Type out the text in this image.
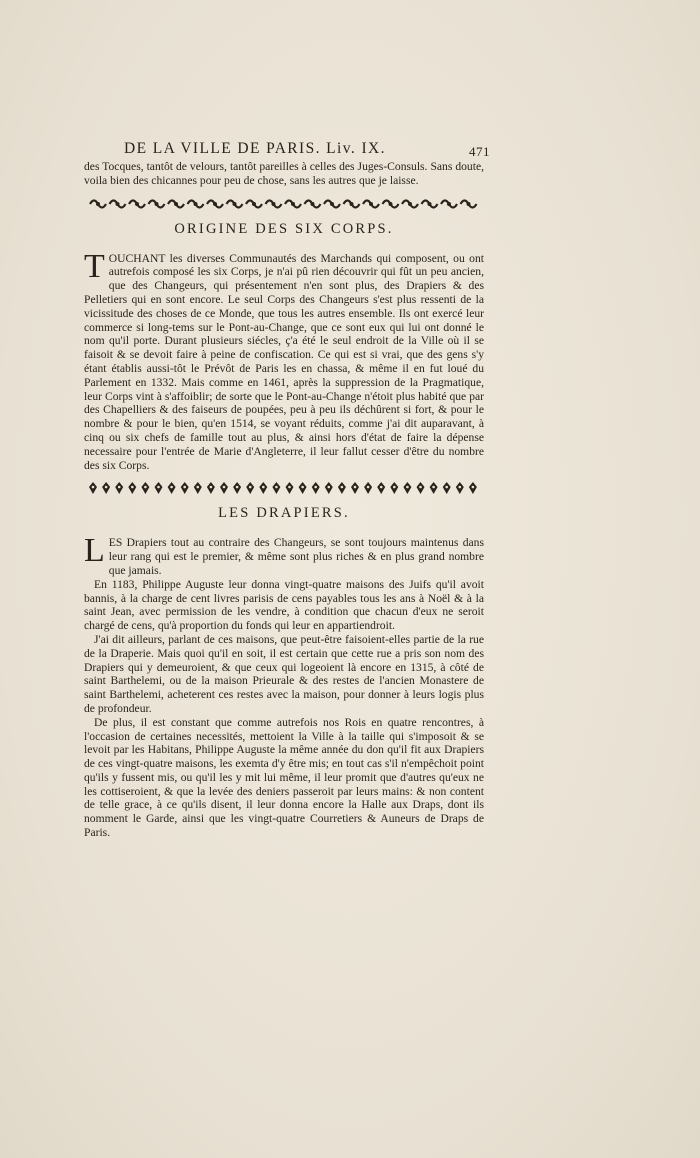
DE LA VILLE DE PARIS. Liv. IX.	471

des Tocques, tantôt de velours, tantôt pareilles à celles des Juges-Consuls. Sans doute, voila bien des chicannes pour peu de chose, sans les autres que je laisse.

ORIGINE DES SIX CORPS.
T OUCHANT les diverses Communautés des Marchands qui composent, ou ont autrefois composé les six Corps, je n'ai pû rien découvrir qui fût un peu ancien, que des Changeurs, qui présentement n'en sont plus, des Drapiers & des Pelletiers qui en sont encore. Le seul Corps des Changeurs s'est plus ressenti de la vicissitude des choses de ce Monde, que tous les autres ensemble. Ils ont exercé leur commerce si long-tems sur le Pont-au-Change, que ce sont eux qui lui ont donné le nom qu'il porte. Durant plusieurs siécles, ç'a été le seul endroit de la Ville où il se faisoit & se devoit faire à peine de confiscation. Ce qui est si vrai, que des gens s'y étant établis aussi-tôt le Prévôt de Paris les en chassa, & même il en fut loué du Parlement en 1332. Mais comme en 1461, après la suppression de la Pragmatique, leur Corps vint à s'affoiblir; de sorte que le Pont-au-Change n'étoit plus habité que par des Chapelliers & des faiseurs de poupées, peu à peu ils déchûrent si fort, & pour le nombre & pour le bien, qu'en 1514, se voyant réduits, comme j'ai dit auparavant, à cinq ou six chefs de famille tout au plus, & ainsi hors d'état de faire la dépense necessaire pour l'entrée de Marie d'Angleterre, il leur fallut cesser d'être du nombre des six Corps.

LES DRAPIERS.
L ES Drapiers tout au contraire des Changeurs, se sont toujours maintenus dans leur rang qui est le premier, & même sont plus riches & en plus grand nombre que jamais.

En 1183, Philippe Auguste leur donna vingt-quatre maisons des Juifs qu'il avoit bannis, à la charge de cent livres parisis de cens payables tous les ans à Noël & à la saint Jean, avec permission de les vendre, à condition que chacun d'eux ne seroit chargé de cens, qu'à proportion du fonds qui leur en appartiendroit.

J'ai dit ailleurs, parlant de ces maisons, que peut-être faisoient-elles partie de la rue de la Draperie. Mais quoi qu'il en soit, il est certain que cette rue a pris son nom des Drapiers qui y demeuroient, & que ceux qui logeoient là encore en 1315, à côté de saint Barthelemi, ou de la maison Prieurale & des restes de l'ancien Monastere de saint Barthelemi, acheterent ces restes avec la maison, pour donner à leurs logis plus de profondeur.

De plus, il est constant que comme autrefois nos Rois en quatre rencontres, à l'occasion de certaines necessités, mettoient la Ville à la taille qui s'imposoit & se levoit par les Habitans, Philippe Auguste la même année du don qu'il fit aux Drapiers de ces vingt-quatre maisons, les exemta d'y être mis; en tout cas s'il n'empêchoit point qu'ils y fussent mis, ou qu'il les y mit lui même, il leur promit que d'autres qu'eux ne les cottiseroient, & que la levée des deniers passeroit par leurs mains: & non content de telle grace, à ce qu'ils disent, il leur donna encore la Halle aux Draps, dont ils nomment le Garde, ainsi que les vingt-quatre Courretiers & Auneurs de Draps de Paris.
